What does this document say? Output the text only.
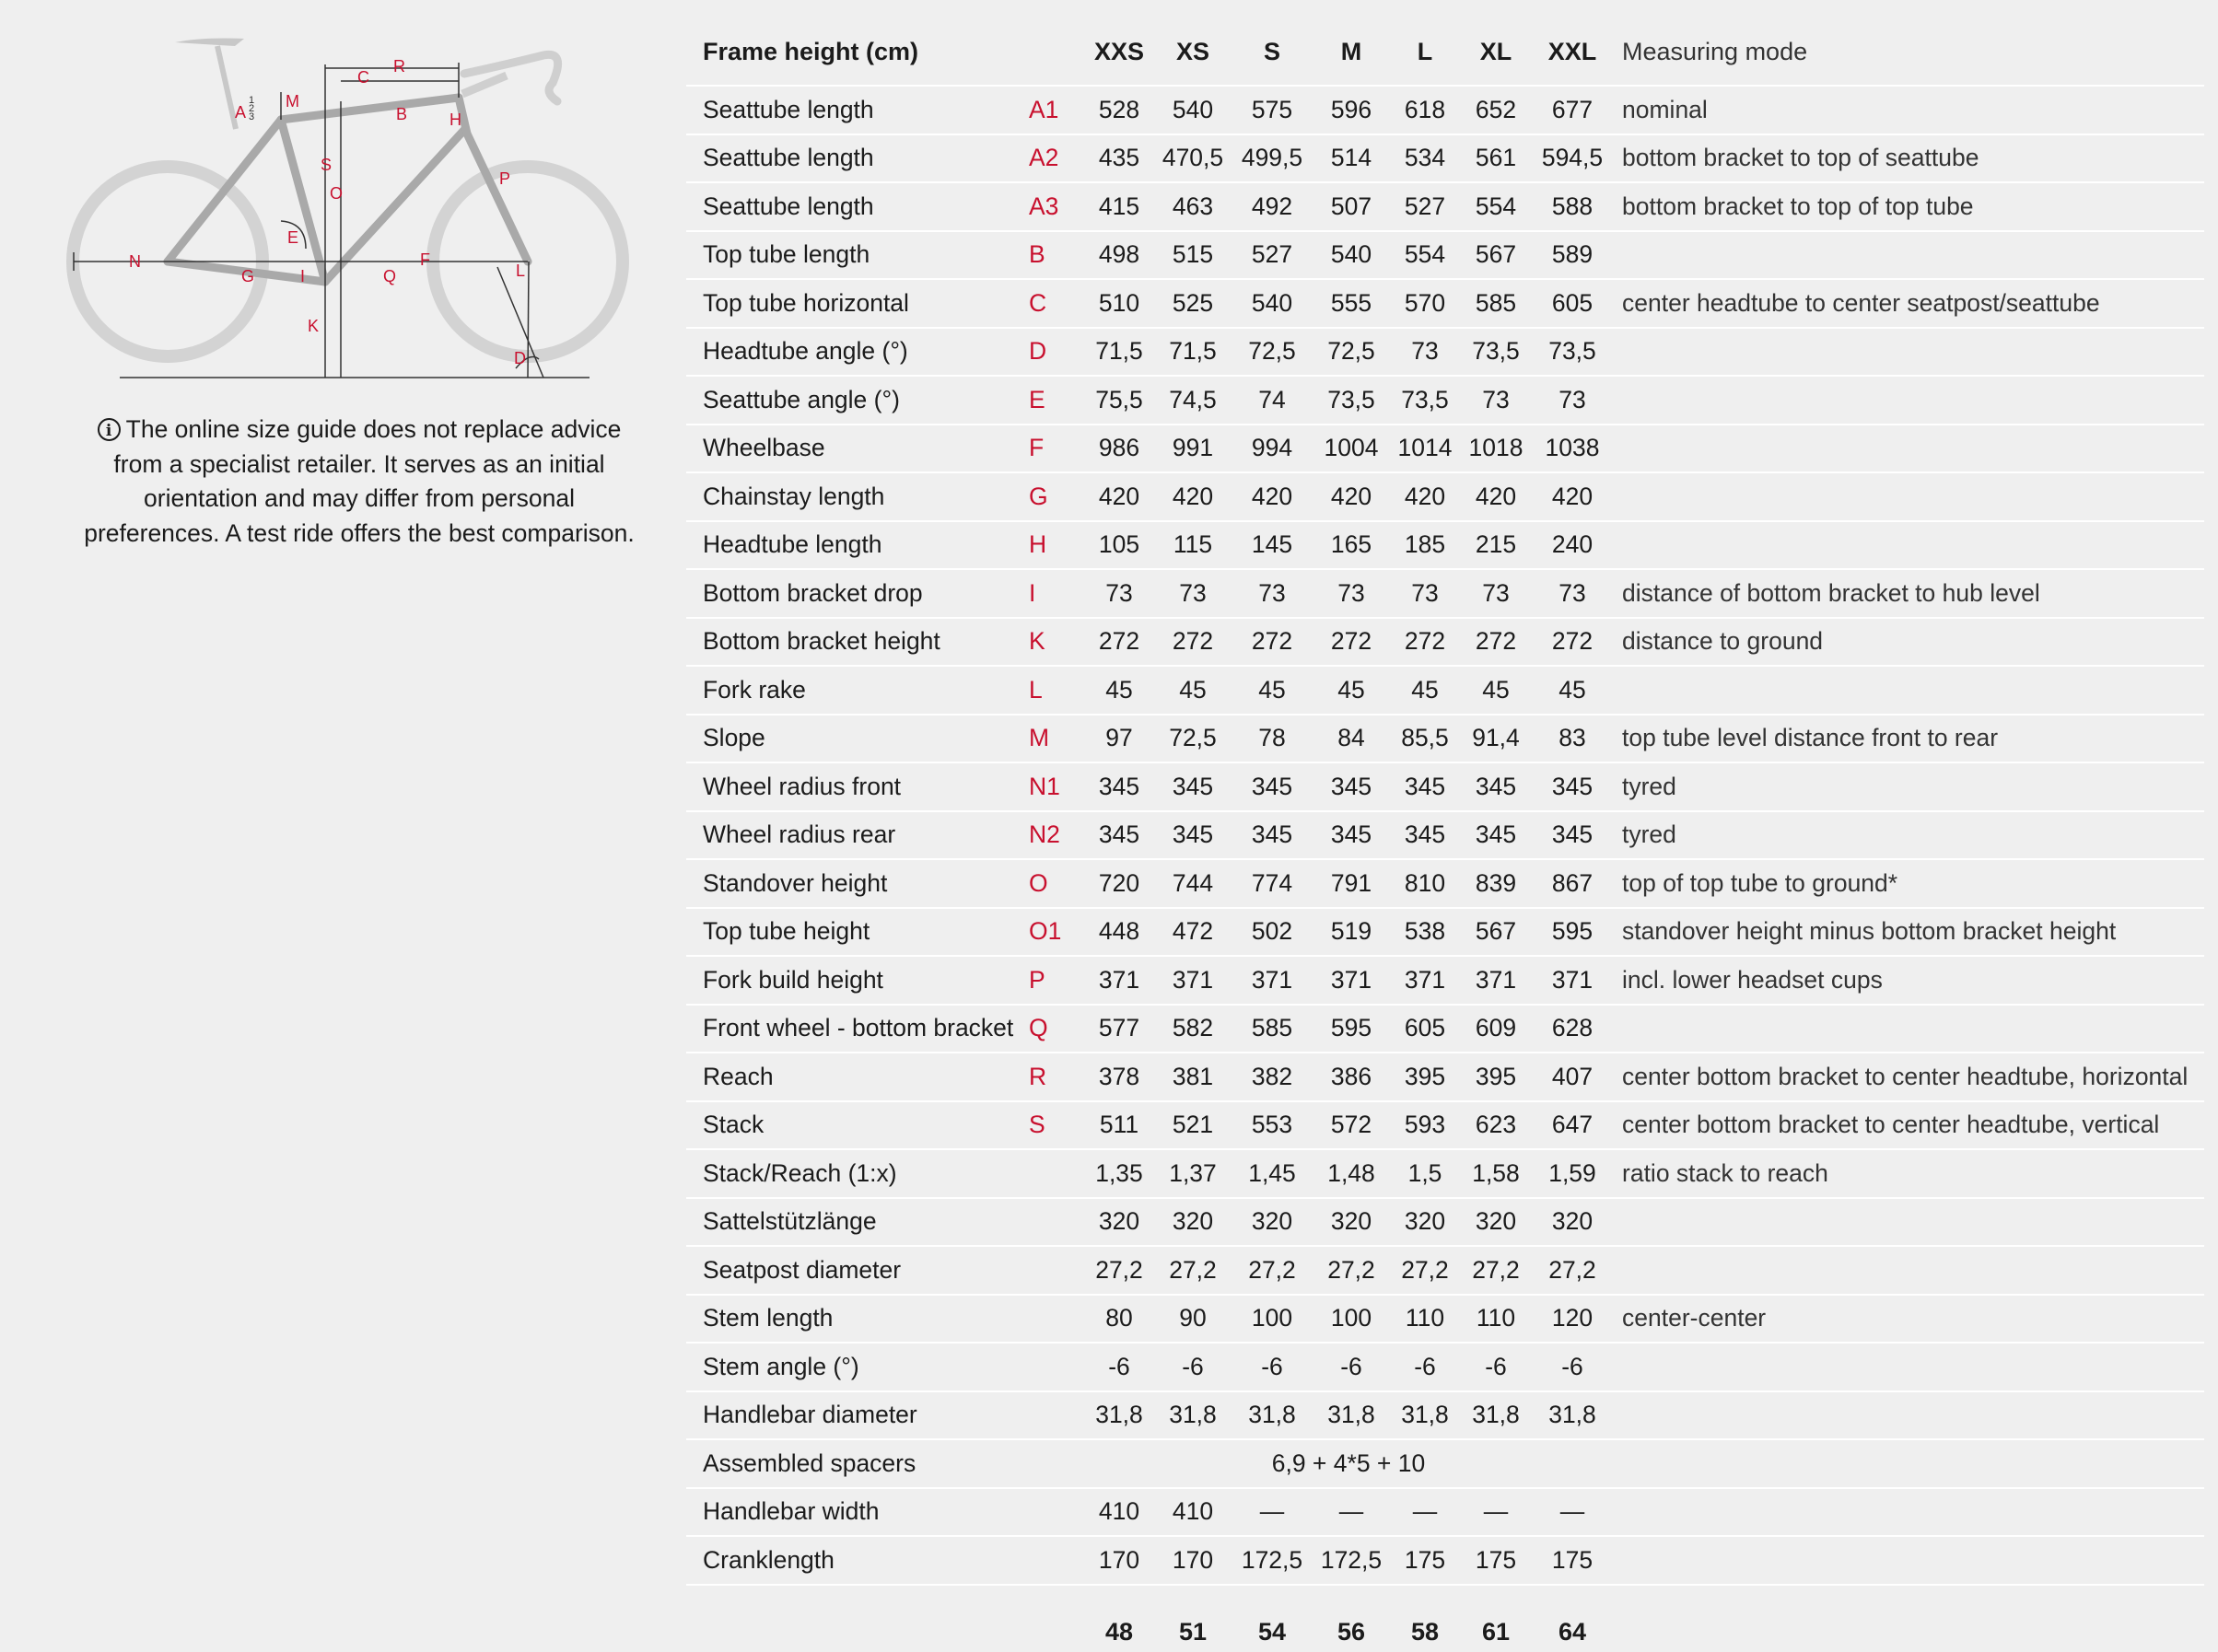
A
1
2
3
M
C
R
B	H
S
O
P
E
N
G	I	Q
F
L
K
D
i The online size guide does not replace advice from a specialist retailer. It serves as an initial orientation and may differ from personal preferences. A test ride offers the best comparison.
Frame height (cm)		XXS	XS	S	M	L	XL	XXL	Measuring mode
Seattube length	A1	528	540	575	596	618	652	677	nominal
Seattube length	A2	435	470,5	499,5	514	534	561	594,5	bottom bracket to top of seattube
Seattube length	A3	415	463	492	507	527	554	588	bottom bracket to top of top tube
Top tube length	B	498	515	527	540	554	567	589	
Top tube horizontal	C	510	525	540	555	570	585	605	center headtube to center seatpost/seattube
Headtube angle (°)	D	71,5	71,5	72,5	72,5	73	73,5	73,5	
Seattube angle (°)	E	75,5	74,5	74	73,5	73,5	73	73	
Wheelbase	F	986	991	994	1004	1014	1018	1038	
Chainstay length	G	420	420	420	420	420	420	420	
Headtube length	H	105	115	145	165	185	215	240	
Bottom bracket drop	I	73	73	73	73	73	73	73	distance of bottom bracket to hub level
Bottom bracket height	K	272	272	272	272	272	272	272	distance to ground
Fork rake	L	45	45	45	45	45	45	45	
Slope	M	97	72,5	78	84	85,5	91,4	83	top tube level distance front to rear
Wheel radius front	N1	345	345	345	345	345	345	345	tyred
Wheel radius rear	N2	345	345	345	345	345	345	345	tyred
Standover height	O	720	744	774	791	810	839	867	top of top tube to ground*
Top tube height	O1	448	472	502	519	538	567	595	standover height minus bottom bracket height
Fork build height	P	371	371	371	371	371	371	371	incl. lower headset cups
Front wheel - bottom bracket	Q	577	582	585	595	605	609	628	
Reach	R	378	381	382	386	395	395	407	center bottom bracket to center headtube, horizontal
Stack	S	511	521	553	572	593	623	647	center bottom bracket to center headtube, vertical
Stack/Reach (1:x)		1,35	1,37	1,45	1,48	1,5	1,58	1,59	ratio stack to reach
Sattelstützlänge		320	320	320	320	320	320	320	
Seatpost diameter		27,2	27,2	27,2	27,2	27,2	27,2	27,2	
Stem length		80	90	100	100	110	110	120	center-center
Stem angle (°)		-6	-6	-6	-6	-6	-6	-6	
Handlebar diameter		31,8	31,8	31,8	31,8	31,8	31,8	31,8	
Assembled spacers		6,9 + 4*5 + 10							
Handlebar width		410	410	—	—	—	—	—	
Cranklength		170	170	172,5	172,5	175	175	175	
		48	51	54	56	58	61	64	
